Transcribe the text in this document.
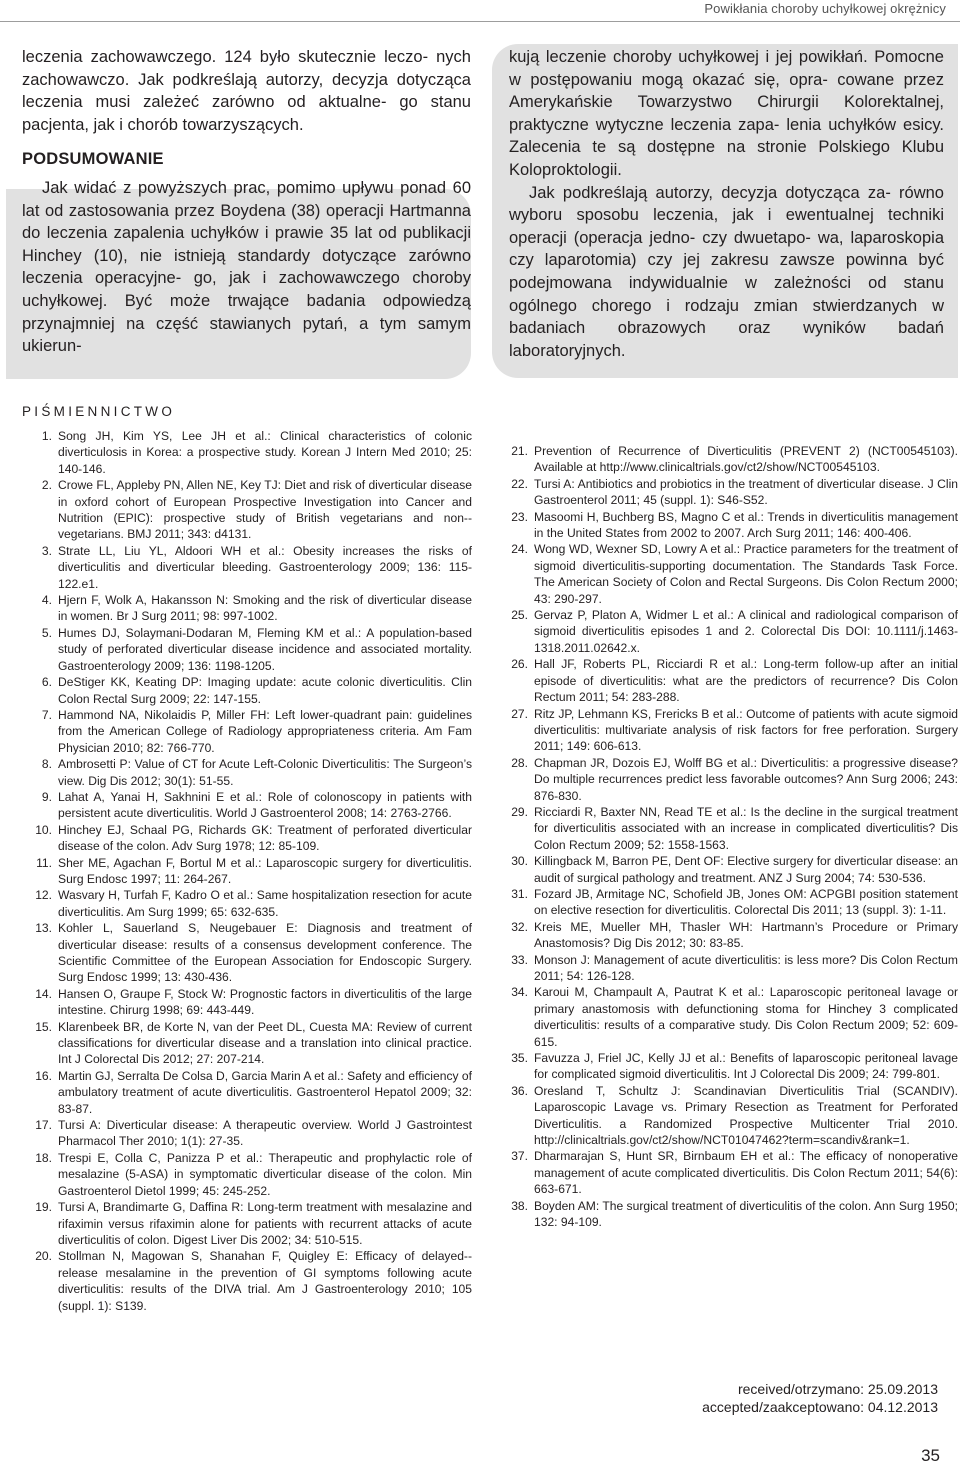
Powikłania choroby uchyłkowej okrężnicy

leczenia zachowawczego. 124 było skutecznie leczo- nych zachowawczo. Jak podkreślają autorzy, decyzja dotycząca leczenia musi zależeć zarówno od aktualne- go stanu pacjenta, jak i chorób towarzyszących.

PODSUMOWANIE

Jak widać z powyższych prac, pomimo upływu ponad 60 lat od zastosowania przez Boydena (38) operacji Hartmanna do leczenia zapalenia uchyłków i prawie 35 lat od publikacji Hinchey (10), nie istnieją standardy dotyczące zarówno leczenia operacyjne- go, jak i zachowawczego choroby uchyłkowej. Być może trwające badania odpowiedzą przynajmniej na część stawianych pytań, a tym samym ukierun-

kują leczenie choroby uchyłkowej i jej powikłań. Pomocne w postępowaniu mogą okazać się, opra- cowane przez Amerykańskie Towarzystwo Chirurgii Kolorektalnej, praktyczne wytyczne leczenia zapa- lenia uchyłków esicy. Zalecenia te są dostępne na stronie Polskiego Klubu Koloproktologii.

Jak podkreślają autorzy, decyzja dotycząca za- równo wyboru sposobu leczenia, jak i ewentualnej techniki operacji (operacja jedno- czy dwuetapo- wa, laparoskopia czy laparotomia) czy jej zakresu zawsze powinna być podejmowana indywidualnie w zależności od stanu ogólnego chorego i rodzaju zmian stwierdzanych w badaniach obrazowych oraz wyników badań laboratoryjnych.

PIŚMIENNICTWO
1. Song JH, Kim YS, Lee JH et al.: Clinical characteristics of colonic diverticulosis in Korea: a prospective study. Korean J Intern Med 2010; 25: 140-146.
2. Crowe FL, Appleby PN, Allen NE, Key TJ: Diet and risk of diverticular disease in oxford cohort of European Prospective Investigation into Cancer and Nutrition (EPIC): prospective study of British vegetarians and non--vegetarians. BMJ 2011; 343: d4131.
3. Strate LL, Liu YL, Aldoori WH et al.: Obesity increases the risks of diverticulitis and diverticular bleeding. Gastroenterology 2009; 136: 115-122.e1.
4. Hjern F, Wolk A, Hakansson N: Smoking and the risk of diverticular disease in women. Br J Surg 2011; 98: 997-1002.
5. Humes DJ, Solaymani-Dodaran M, Fleming KM et al.: A population-based study of perforated diverticular disease incidence and associated mortality. Gastroenterology 2009; 136: 1198-1205.
6. DeStiger KK, Keating DP: Imaging update: acute colonic diverticulitis. Clin Colon Rectal Surg 2009; 22: 147-155.
7. Hammond NA, Nikolaidis P, Miller FH: Left lower-quadrant pain: guidelines from the American College of Radiology appropriateness criteria. Am Fam Physician 2010; 82: 766-770.
8. Ambrosetti P: Value of CT for Acute Left-Colonic Diverticulitis: The Surgeon’s view. Dig Dis 2012; 30(1): 51-55.
9. Lahat A, Yanai H, Sakhnini E et al.: Role of colonoscopy in patients with persistent acute diverticulitis. World J Gastroenterol 2008; 14: 2763-2766.
10. Hinchey EJ, Schaal PG, Richards GK: Treatment of perforated diverticular disease of the colon. Adv Surg 1978; 12: 85-109.
11. Sher ME, Agachan F, Bortul M et al.: Laparoscopic surgery for diverticulitis. Surg Endosc 1997; 11: 264-267.
12. Wasvary H, Turfah F, Kadro O et al.: Same hospitalization resection for acute diverticulitis. Am Surg 1999; 65: 632-635.
13. Kohler L, Sauerland S, Neugebauer E: Diagnosis and treatment of diverticular disease: results of a consensus development conference. The Scientific Committee of the European Association for Endoscopic Surgery. Surg Endosc 1999; 13: 430-436.
14. Hansen O, Graupe F, Stock W: Prognostic factors in diverticulitis of the large intestine. Chirurg 1998; 69: 443-449.
15. Klarenbeek BR, de Korte N, van der Peet DL, Cuesta MA: Review of current classifications for diverticular disease and a translation into clinical practice. Int J Colorectal Dis 2012; 27: 207-214.
16. Martin GJ, Serralta De Colsa D, Garcia Marin A et al.: Safety and efficiency of ambulatory treatment of acute diverticulitis. Gastroenterol Hepatol 2009; 32: 83-87.
17. Tursi A: Diverticular disease: A therapeutic overview. World J Gastrointest Pharmacol Ther 2010; 1(1): 27-35.
18. Trespi E, Colla C, Panizza P et al.: Therapeutic and prophylactic role of mesalazine (5-ASA) in symptomatic diverticular disease of the colon. Min Gastroenterol Dietol 1999; 45: 245-252.
19. Tursi A, Brandimarte G, Daffina R: Long-term treatment with mesalazine and rifaximin versus rifaximin alone for patients with recurrent attacks of acute diverticulitis of colon. Digest Liver Dis 2002; 34: 510-515.
20. Stollman N, Magowan S, Shanahan F, Quigley E: Efficacy of delayed--release mesalamine in the prevention of GI symptoms following acute diverticulitis: results of the DIVA trial. Am J Gastroenterology 2010; 105 (suppl. 1): S139.
21. Prevention of Recurrence of Diverticulitis (PREVENT 2) (NCT00545103). Available at http://www.clinicaltrials.gov/ct2/show/NCT00545103.
22. Tursi A: Antibiotics and probiotics in the treatment of diverticular disease. J Clin Gastroenterol 2011; 45 (suppl. 1): S46-S52.
23. Masoomi H, Buchberg BS, Magno C et al.: Trends in diverticulitis management in the United States from 2002 to 2007. Arch Surg 2011; 146: 400-406.
24. Wong WD, Wexner SD, Lowry A et al.: Practice parameters for the treatment of sigmoid diverticulitis-supporting documentation. The Standards Task Force. The American Society of Colon and Rectal Surgeons. Dis Colon Rectum 2000; 43: 290-297.
25. Gervaz P, Platon A, Widmer L et al.: A clinical and radiological comparison of sigmoid diverticulitis episodes 1 and 2. Colorectal Dis DOI: 10.1111/j.1463-1318.2011.02642.x.
26. Hall JF, Roberts PL, Ricciardi R et al.: Long-term follow-up after an initial episode of diverticulitis: what are the predictors of recurrence? Dis Colon Rectum 2011; 54: 283-288.
27. Ritz JP, Lehmann KS, Frericks B et al.: Outcome of patients with acute sigmoid diverticulitis: multivariate analysis of risk factors for free perforation. Surgery 2011; 149: 606-613.
28. Chapman JR, Dozois EJ, Wolff BG et al.: Diverticulitis: a progressive disease? Do multiple recurrences predict less favorable outcomes? Ann Surg 2006; 243: 876-830.
29. Ricciardi R, Baxter NN, Read TE et al.: Is the decline in the surgical treatment for diverticulitis associated with an increase in complicated diverticulitis? Dis Colon Rectum 2009; 52: 1558-1563.
30. Killingback M, Barron PE, Dent OF: Elective surgery for diverticular disease: an audit of surgical pathology and treatment. ANZ J Surg 2004; 74: 530-536.
31. Fozard JB, Armitage NC, Schofield JB, Jones OM: ACPGBI position statement on elective resection for diverticulitis. Colorectal Dis 2011; 13 (suppl. 3): 1-11.
32. Kreis ME, Mueller MH, Thasler WH: Hartmann’s Procedure or Primary Anastomosis? Dig Dis 2012; 30: 83-85.
33. Monson J: Management of acute diverticulitis: is less more? Dis Colon Rectum 2011; 54: 126-128.
34. Karoui M, Champault A, Pautrat K et al.: Laparoscopic peritoneal lavage or primary anastomosis with defunctioning stoma for Hinchey 3 complicated diverticulitis: results of a comparative study. Dis Colon Rectum 2009; 52: 609-615.
35. Favuzza J, Friel JC, Kelly JJ et al.: Benefits of laparoscopic peritoneal lavage for complicated sigmoid diverticulitis. Int J Colorectal Dis 2009; 24: 799-801.
36. Oresland T, Schultz J: Scandinavian Diverticulitis Trial (SCANDIV). Laparoscopic Lavage vs. Primary Resection as Treatment for Perforated Diverticulitis. a Randomized Prospective Multicenter Trial 2010. http://clinicaltrials.gov/ct2/show/NCT01047462?term=scandiv&rank=1.
37. Dharmarajan S, Hunt SR, Birnbaum EH et al.: The efficacy of nonoperative management of acute complicated diverticulitis. Dis Colon Rectum 2011; 54(6): 663-671.
38. Boyden AM: The surgical treatment of diverticulitis of the colon. Ann Surg 1950; 132: 94-109.
received/otrzymano: 25.09.2013
accepted/zaakceptowano: 04.12.2013
35
